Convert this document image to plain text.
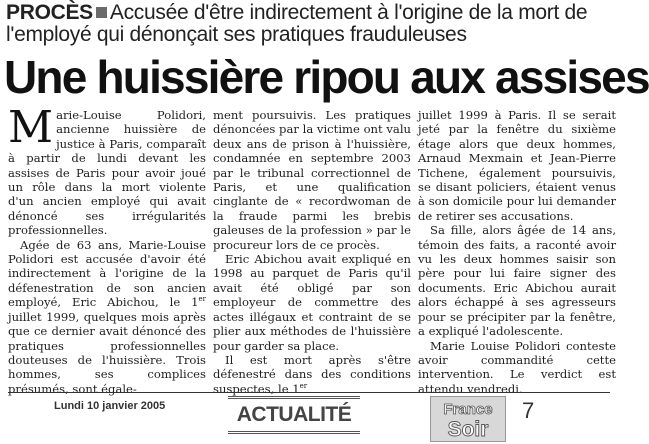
PROCÈS Accusée d'être indirectement à l'origine de la mort de l'employé qui dénonçait ses pratiques frauduleuses
Une huissière ripou aux assises

Marie-Louise Polidori, ancienne huissière de justice à Paris, comparaît à partir de lundi devant les assises de Paris pour avoir joué un rôle dans la mort violente d'un ancien employé qui avait dénoncé ses irrégularités professionnelles.

Agée de 63 ans, Marie-Louise Polidori est accusée d'avoir été indirectement à l'origine de la défenestration de son ancien employé, Eric Abichou, le 1er juillet 1999, quelques mois après que ce dernier avait dénoncé des pratiques professionnelles douteuses de l'huissière. Trois hommes, ses complices présumés, sont égale-

ment poursuivis. Les pratiques dénoncées par la victime ont valu deux ans de prison à l'huissière, condamnée en septembre 2003 par le tribunal correctionnel de Paris, et une qualification cinglante de « recordwoman de la fraude parmi les brebis galeuses de la profession » par le procureur lors de ce procès.

Eric Abichou avait expliqué en 1998 au parquet de Paris qu'il avait été obligé par son employeur de commettre des actes illégaux et contraint de se plier aux méthodes de l'huissière pour garder sa place.

Il est mort après s'être défenestré dans des conditions suspectes, le 1er

juillet 1999 à Paris. Il se serait jeté par la fenêtre du sixième étage alors que deux hommes, Arnaud Mexmain et Jean-Pierre Tichene, également poursuivis, se disant policiers, étaient venus à son domicile pour lui demander de retirer ses accusations.

Sa fille, alors âgée de 14 ans, témoin des faits, a raconté avoir vu les deux hommes saisir son père pour lui faire signer des documents. Eric Abichou aurait alors échappé à ses agresseurs pour se précipiter par la fenêtre, a expliqué l'adolescente.

Marie Louise Polidori conteste avoir commandité cette intervention. Le verdict est attendu vendredi.

Lundi 10 janvier 2005	ACTUALITÉ	France
Soir
7
